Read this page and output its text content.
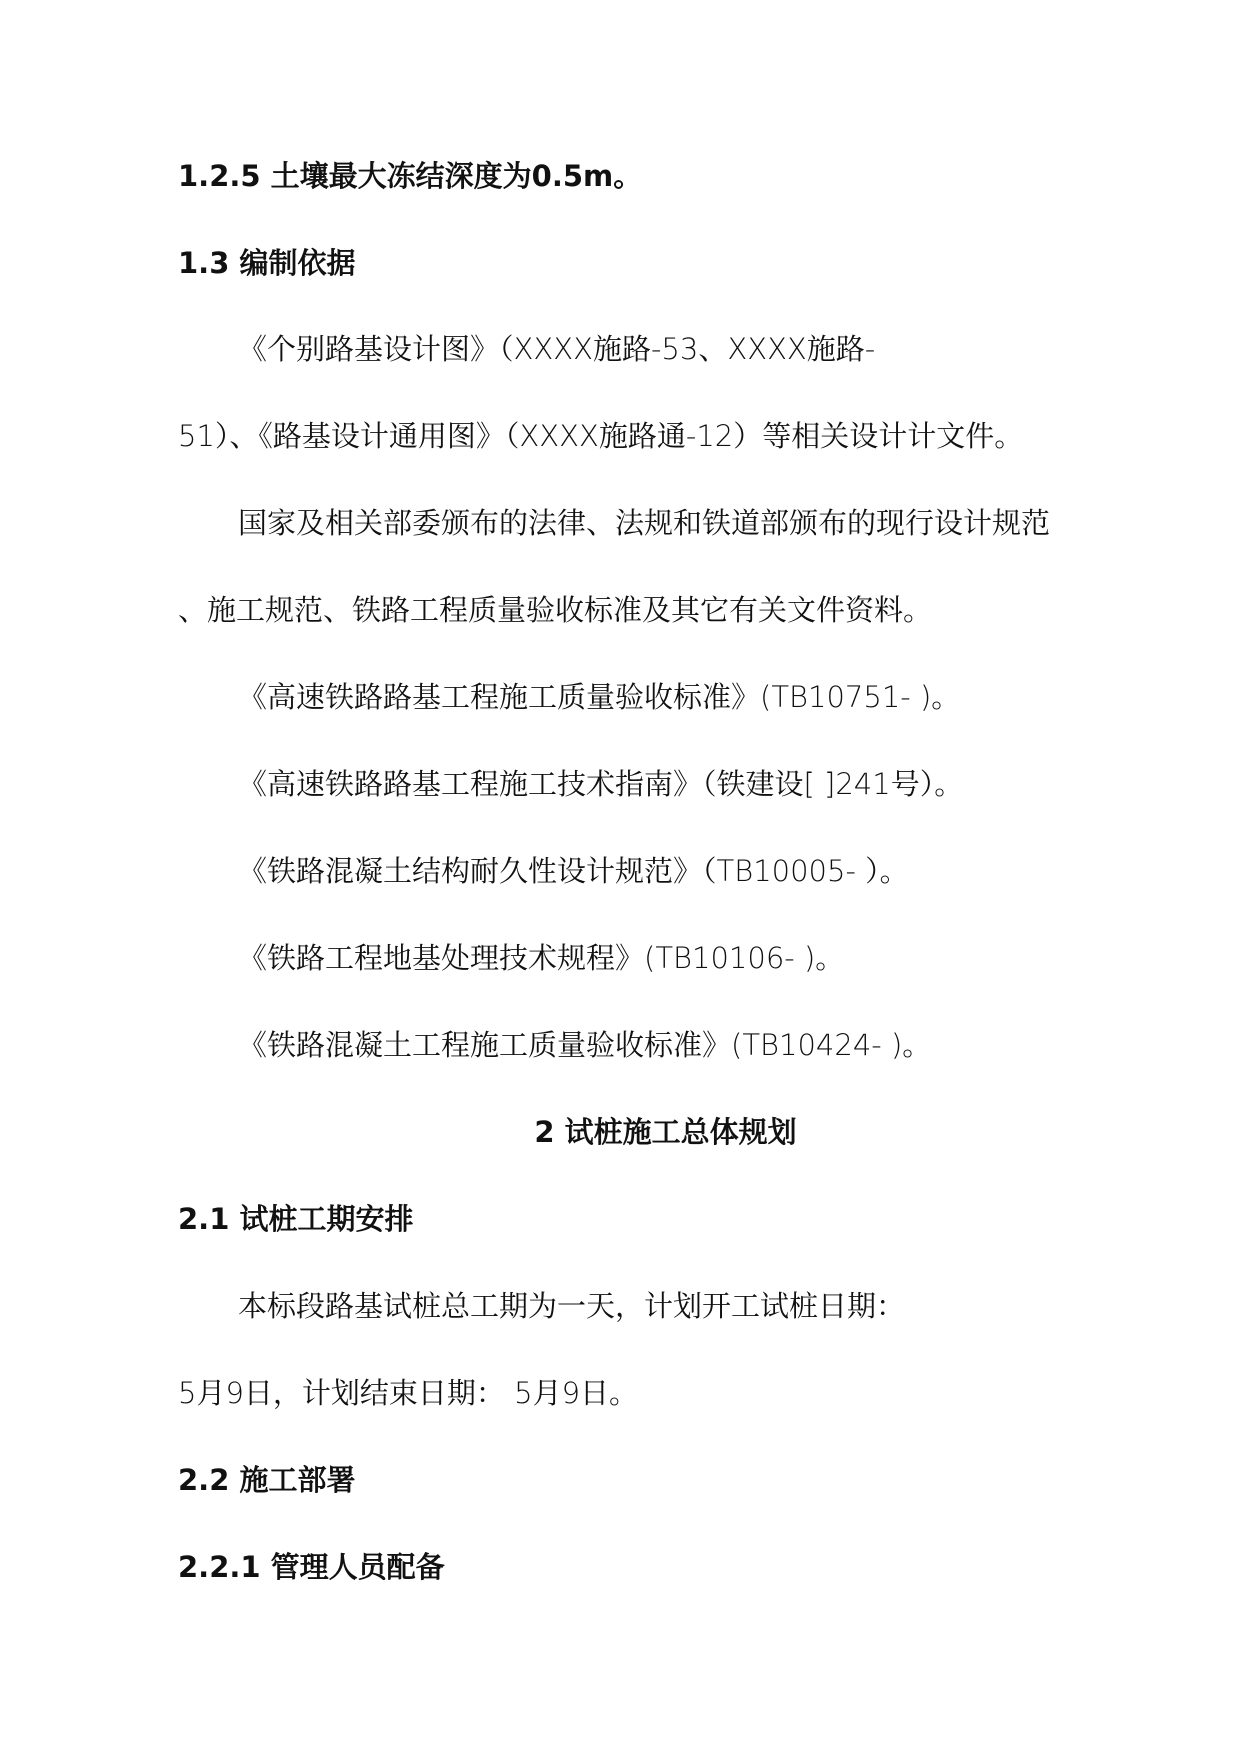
1.2.5 土壤最大冻结深度为0.5m。
1.3 编制依据
《个别路基设计图》（XXXX施路-53、XXXX施路-
51）、《路基设计通用图》（XXXX施路通-12）等相关设计计文件。
国家及相关部委颁布的法律、法规和铁道部颁布的现行设计规范
、施工规范、铁路工程质量验收标准及其它有关文件资料。
《高速铁路路基工程施工质量验收标准》(TB10751- )。
《高速铁路路基工程施工技术指南》（铁建设[ ]241号）。
《铁路混凝土结构耐久性设计规范》（TB10005- ）。
《铁路工程地基处理技术规程》(TB10106- )。
《铁路混凝土工程施工质量验收标准》(TB10424- )。
2 试桩施工总体规划
2.1 试桩工期安排
本标段路基试桩总工期为一天，计划开工试桩日期：
5月9日，计划结束日期： 5月9日。
2.2 施工部署
2.2.1 管理人员配备
